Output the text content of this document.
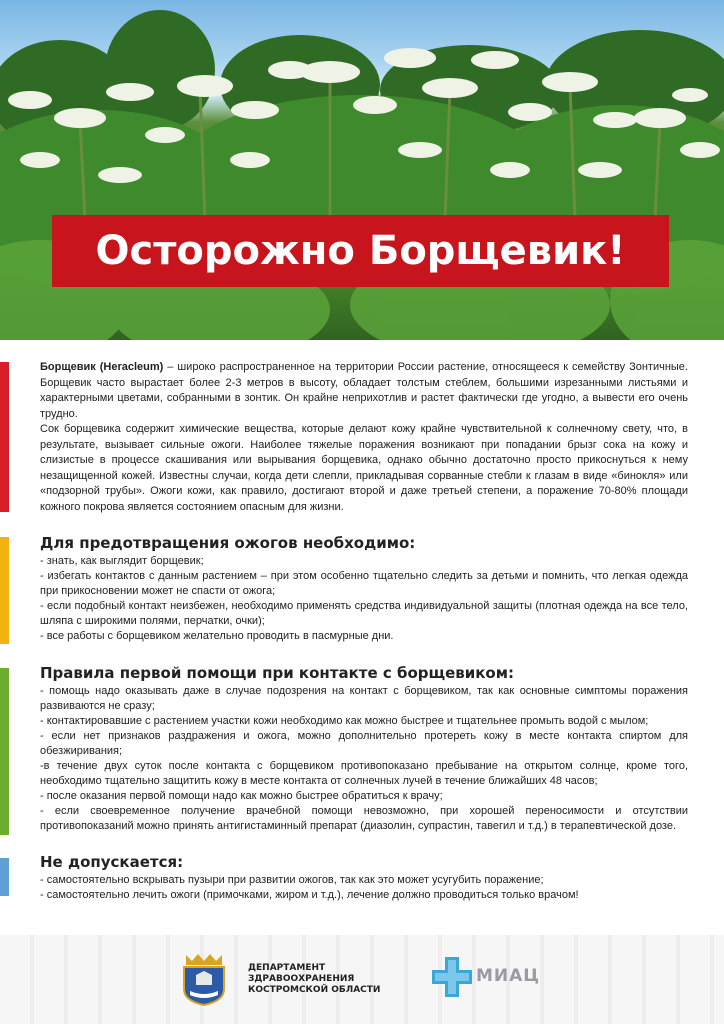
Осторожно Борщевик!

Борщевик (Heracleum) – широко распространенное на территории России растение, относящееся к семейству Зонтичные. Борщевик часто вырастает более 2-3 метров в высоту, обладает толстым стеблем, большими изрезанными листьями и характерными цветами, собранными в зонтик. Он крайне неприхотлив и растет фактически где угодно, а вывести его очень трудно.

Сок борщевика содержит химические вещества, которые делают кожу крайне чувствительной к солнечному свету, что, в результате, вызывает сильные ожоги. Наиболее тяжелые поражения возникают при попадании брызг сока на кожу и слизистые в процессе скашивания или вырывания борщевика, однако обычно достаточно просто прикоснуться к нему незащищенной кожей. Известны случаи, когда дети слепли, прикладывая сорванные стебли к глазам в виде «бинокля» или «подзорной трубы». Ожоги кожи, как правило, достигают второй и даже третьей степени, а поражение 70-80% площади кожного покрова является состоянием опасным для жизни.

Для предотвращения ожогов необходимо:
- знать, как выглядит борщевик;
- избегать контактов с данным растением – при этом особенно тщательно следить за детьми и помнить, что легкая одежда при прикосновении может не спасти от ожога;
- если подобный контакт неизбежен, необходимо применять средства индивидуальной защиты (плотная одежда на все тело, шляпа с широкими полями, перчатки, очки);
- все работы с борщевиком желательно проводить в пасмурные дни.
Правила первой помощи при контакте с борщевиком:
- помощь надо оказывать даже в случае подозрения на контакт с борщевиком, так как основные симптомы поражения развиваются не сразу;
- контактировавшие с растением участки кожи необходимо как можно быстрее и тщательнее промыть водой с мылом;
- если нет признаков раздражения и ожога, можно дополнительно протереть кожу в месте контакта спиртом для обезжиривания;
-в течение двух суток после контакта с борщевиком противопоказано пребывание на открытом солнце, кроме того, необходимо тщательно защитить кожу в месте контакта от солнечных лучей в течение ближайших 48 часов;
- после оказания первой помощи надо как можно быстрее обратиться к врачу;
- если своевременное получение врачебной помощи невозможно, при хорошей переносимости и отсутствии противопоказаний можно принять антигистаминный препарат (диазолин, супрастин, тавегил и т.д.) в терапевтической дозе.
Не допускается:
- самостоятельно вскрывать пузыри при развитии ожогов, так как это может усугубить поражение;
- самостоятельно лечить ожоги (примочками, жиром и т.д.), лечение должно проводиться только врачом!
ДЕПАРТАМЕНТ ЗДРАВООХРАНЕНИЯ
КОСТРОМСКОЙ ОБЛАСТИ
МИАЦ
